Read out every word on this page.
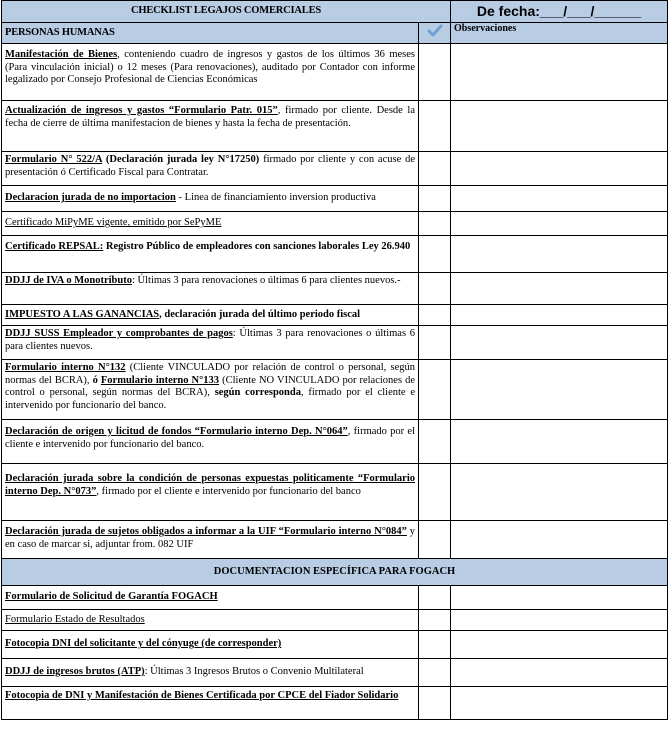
CHECKLIST LEGAJOS COMERCIALES		De fecha:___/___/______
PERSONAS HUMANAS		Observaciones
Manifestación de Bienes, conteniendo cuadro de ingresos y gastos de los últimos 36 meses (Para vinculación inicial) o 12 meses (Para renovaciones), auditado por Contador con informe legalizado por Consejo Profesional de Ciencias Económicas		
Actualización de ingresos y gastos “Formulario Patr. 015”, firmado por cliente. Desde la fecha de cierre de última manifestacion de bienes y hasta la fecha de presentación.		
Formulario N° 522/A (Declaración jurada ley N°17250) firmado por cliente y con acuse de presentación ó Certificado Fiscal para Contratar.		
Declaracion jurada de no importacion - Linea de financiamiento inversion productiva		
Certificado MiPyME vigente, emitido por SePyME		
Certificado REPSAL: Registro Público de empleadores con sanciones laborales Ley 26.940		
DDJJ de IVA o Monotributo: Últimas 3 para renovaciones o últimas 6 para clientes nuevos.-		
IMPUESTO A LAS GANANCIAS, declaración jurada del último periodo fiscal		
DDJJ SUSS Empleador y comprobantes de pagos: Últimas 3 para renovaciones o últimas 6 para clientes nuevos.		
Formulario interno N°132 (Cliente VINCULADO por relación de control o personal, según normas del BCRA), ó Formulario interno N°133 (Cliente NO VINCULADO por relaciones de control o personal, según normas del BCRA), según corresponda, firmado por el cliente e intervenido por funcionario del banco.		
Declaración de origen y licitud de fondos “Formulario interno Dep. N°064”, firmado por el cliente e intervenido por funcionario del banco.		
Declaración jurada sobre la condición de personas expuestas politicamente “Formulario interno Dep. N°073”, firmado por el cliente e intervenido por funcionario del banco		
Declaración jurada de sujetos obligados a informar a la UIF “Formulario interno N°084” y en caso de marcar si, adjuntar from. 082 UIF		
DOCUMENTACION ESPECÍFICA PARA FOGACH		
Formulario de Solicitud de Garantía FOGACH		
Formulario Estado de Resultados		
Fotocopia DNI del solicitante y del cónyuge (de corresponder)		
DDJJ de ingresos brutos (ATP): Últimas 3 Ingresos Brutos o Convenio Multilateral		
Fotocopia de DNI y Manifestación de Bienes Certificada por CPCE del Fiador Solidario		
